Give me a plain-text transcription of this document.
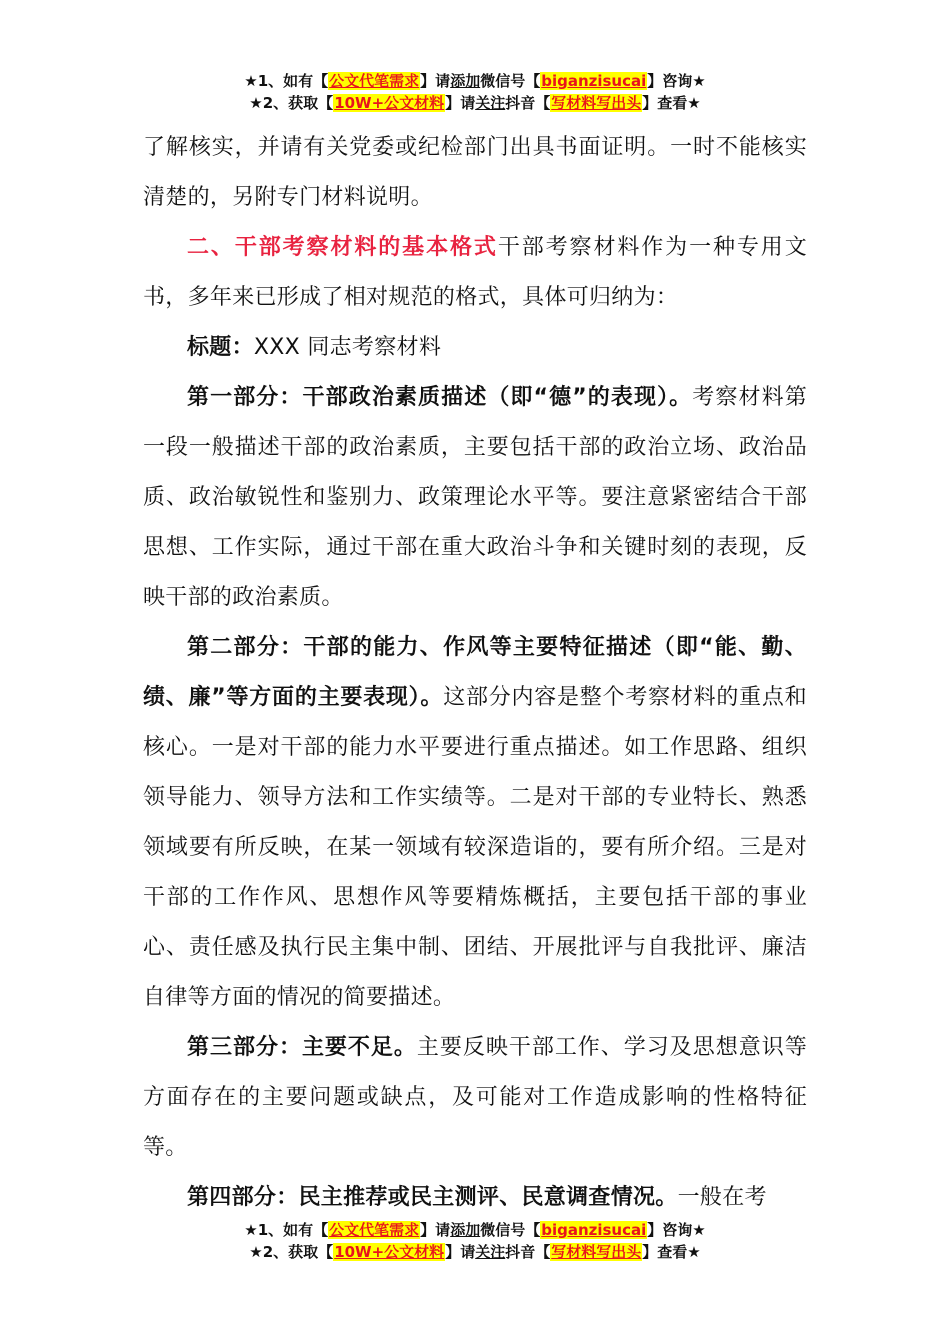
★1、如有【公文代笔需求】请添加微信号【biganzisucai】咨询★
★2、获取【10W+公文材料】请关注抖音【写材料写出头】查看★

了解核实，并请有关党委或纪检部门出具书面证明。一时不能核实清楚的，另附专门材料说明。

二、干部考察材料的基本格式干部考察材料作为一种专用文书，多年来已形成了相对规范的格式，具体可归纳为：

标题：XXX 同志考察材料

第一部分：干部政治素质描述（即“德”的表现）。考察材料第一段一般描述干部的政治素质，主要包括干部的政治立场、政治品质、政治敏锐性和鉴别力、政策理论水平等。要注意紧密结合干部思想、工作实际，通过干部在重大政治斗争和关键时刻的表现，反映干部的政治素质。

第二部分：干部的能力、作风等主要特征描述（即“能、勤、绩、廉”等方面的主要表现）。这部分内容是整个考察材料的重点和核心。一是对干部的能力水平要进行重点描述。如工作思路、组织领导能力、领导方法和工作实绩等。二是对干部的专业特长、熟悉领域要有所反映，在某一领域有较深造诣的，要有所介绍。三是对干部的工作作风、思想作风等要精炼概括，主要包括干部的事业心、责任感及执行民主集中制、团结、开展批评与自我批评、廉洁自律等方面的情况的简要描述。

第三部分：主要不足。主要反映干部工作、学习及思想意识等方面存在的主要问题或缺点，及可能对工作造成影响的性格特征等。

第四部分：民主推荐或民主测评、民意调查情况。一般在考

★1、如有【公文代笔需求】请添加微信号【biganzisucai】咨询★
★2、获取【10W+公文材料】请关注抖音【写材料写出头】查看★
